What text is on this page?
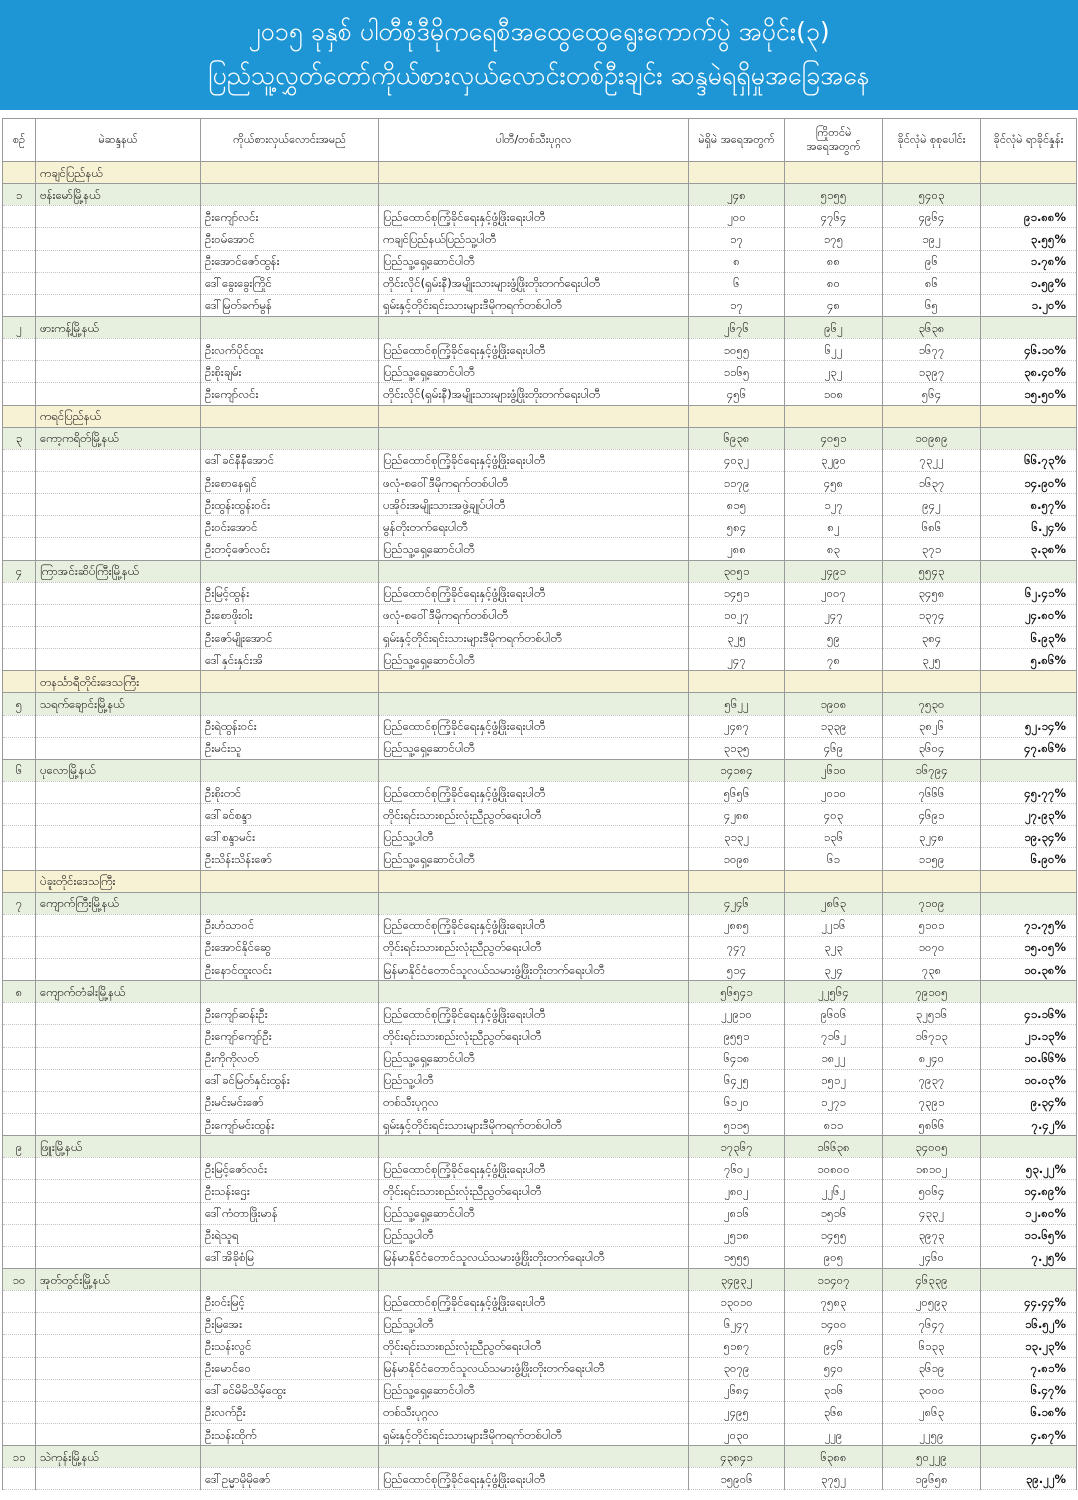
၂၀၁၅ ခုနှစ် ပါတီစုံဒီမိုကရေစီအထွေထွေရွေးကောက်ပွဲ အပိုင်း(၃)
ပြည်သူ့လွှတ်တော်ကိုယ်စားလှယ်လောင်းတစ်ဦးချင်း ဆန္ဒမဲရရှိမှုအခြေအနေ
စဉ်	မဲဆန္ဒနယ်	ကိုယ်စားလှယ်လောင်းအမည်	ပါတီ/တစ်သီးပုဂ္ဂလ	မဲရှိမဲ အရေအတွက်	ကြိုတင်မဲ အရေအတွက်	ခိုင်လုံမဲ စုစုပေါင်း	ခိုင်လုံမဲ ရာခိုင်နှုန်း
	ကချင်ပြည်နယ်						
၁	ဗန်းမော်မြို့နယ်			၂၄၈	၅၁၅၅	၅၄၀၃	
		ဦးကျော်လင်း	ပြည်ထောင်စုကြံ့ခိုင်ရေးနှင့်ဖွံ့ဖြိုးရေးပါတီ	၂၀၀	၄၇၆၄	၄၉၆၄	၉၁.၈၈%
		ဦးဝမ်အောင်	ကချင်ပြည်နယ်ပြည်သူ့ပါတီ	၁၇	၁၇၅	၁၉၂	၃.၅၅%
		ဦးအောင်ဇော်ထွန်း	ပြည်သူ့ရှေ့ဆောင်ပါတီ	၈	၈၈	၉၆	၁.၇၈%
		ဒေါ်ခွေးခွေးကြိုင်	တိုင်းလိုင်(ရှမ်းနီ)အမျိုးသားများဖွံ့ဖြိုးတိုးတက်ရေးပါတီ	၆	၈၀	၈၆	၁.၅၉%
		ဒေါ်မြတ်ခက်မွန်	ရှမ်းနှင့်တိုင်းရင်းသားများဒီမိုကရက်တစ်ပါတီ	၁၇	၄၈	၆၅	၁.၂၀%
၂	ဖားကန့်မြို့နယ်			၂၆၇၆	၉၆၂	၃၆၃၈	
		ဦးလက်ပိုင်ထူး	ပြည်ထောင်စုကြံ့ခိုင်ရေးနှင့်ဖွံ့ဖြိုးရေးပါတီ	၁၀၅၅	၆၂၂	၁၆၇၇	၄၆.၁၀%
		ဦးစိုးချမ်း	ပြည်သူ့ရှေ့ဆောင်ပါတီ	၁၁၆၅	၂၃၂	၁၃၉၇	၃၈.၄၀%
		ဦးကျော်လင်း	တိုင်းလိုင်(ရှမ်းနီ)အမျိုးသားများဖွံ့ဖြိုးတိုးတက်ရေးပါတီ	၄၅၆	၁၀၈	၅၆၄	၁၅.၅၀%
	ကရင်ပြည်နယ်						
၃	ကော့ကရိတ်မြို့နယ်			၆၉၃၈	၄၀၅၁	၁၀၉၈၉	
		ဒေါ်ခင်နီနီအောင်	ပြည်ထောင်စုကြံ့ခိုင်ရေးနှင့်ဖွံ့ဖြိုးရေးပါတီ	၄၀၃၂	၃၂၉၀	၇၃၂၂	၆၆.၇၃%
		ဦးစောနေရှင်	ဖလုံ-စဝေါ်ဒီမိုကရက်တစ်ပါတီ	၁၁၇၉	၄၅၈	၁၆၃၇	၁၄.၉၀%
		ဦးထွန်းထွန်းဝင်း	ပအိုဝ်းအမျိုးသားအဖွဲ့ချုပ်ပါတီ	၈၁၅	၁၂၇	၉၄၂	၈.၅၇%
		ဦးဝင်းအောင်	မွန်တိုးတက်ရေးပါတီ	၅၈၄	၈၂	၆၈၆	၆.၂၄%
		ဦးတင့်ဇော်လင်း	ပြည်သူ့ရှေ့ဆောင်ပါတီ	၂၈၈	၈၃	၃၇၁	၃.၃၈%
၄	ကြာအင်းဆိပ်ကြီးမြို့နယ်			၃၀၅၁	၂၄၉၁	၅၅၄၃	
		ဦးမြင့်ထွန်း	ပြည်ထောင်စုကြံ့ခိုင်ရေးနှင့်ဖွံ့ဖြိုးရေးပါတီ	၁၄၅၁	၂၀၀၇	၃၄၅၈	၆၂.၄၁%
		ဦးစောဖိုးဝါး	ဖလုံ-စဝေါ်ဒီမိုကရက်တစ်ပါတီ	၁၀၂၇	၂၄၇	၁၃၇၄	၂၄.၈၀%
		ဦးဇော်မျိုးအောင်	ရှမ်းနှင့်တိုင်းရင်းသားများဒီမိုကရက်တစ်ပါတီ	၃၂၅	၅၉	၃၈၄	၆.၉၃%
		ဒေါ်နှင်းနှင်းအိ	ပြည်သူ့ရှေ့ဆောင်ပါတီ	၂၄၇	၇၈	၃၂၅	၅.၈၆%
	တနင်္သာရီတိုင်းဒေသကြီး						
၅	သရက်ချောင်းမြို့နယ်			၅၆၂၂	၁၉၀၈	၇၅၃၀	
		ဦးရဲထွန်းဝင်း	ပြည်ထောင်စုကြံ့ခိုင်ရေးနှင့်ဖွံ့ဖြိုးရေးပါတီ	၂၄၈၇	၁၃၃၉	၃၈၂၆	၅၂.၁၄%
		ဦးမင်းသူ	ပြည်သူ့ရှေ့ဆောင်ပါတီ	၃၁၃၅	၄၆၉	၃၆၀၄	၄၇.၈၆%
၆	ပုလောမြို့နယ်			၁၄၁၈၄	၂၆၁၀	၁၆၇၉၄	
		ဦးစိုးတင်	ပြည်ထောင်စုကြံ့ခိုင်ရေးနှင့်ဖွံ့ဖြိုးရေးပါတီ	၅၆၅၆	၂၀၁၀	၇၆၆၆	၄၅.၇၇%
		ဒေါ်ခင်စန္ဒာ	တိုင်းရင်းသားစည်းလုံးညီညွတ်ရေးပါတီ	၄၂၈၈	၄၀၃	၄၆၉၁	၂၇.၉၃%
		ဒေါ်စန္ဒာမင်း	ပြည်သူ့ပါတီ	၃၁၃၂	၁၃၆	၃၂၄၈	၁၉.၃၄%
		ဦးသိန်းသိန်းဇော်	ပြည်သူ့ရှေ့ဆောင်ပါတီ	၁၀၉၈	၆၁	၁၁၅၉	၆.၉၀%
	ပဲခူးတိုင်းဒေသကြီး						
၇	ကျောက်ကြီးမြို့နယ်			၄၂၄၆	၂၈၆၃	၇၁၀၉	
		ဦးဟံသာဝင်	ပြည်ထောင်စုကြံ့ခိုင်ရေးနှင့်ဖွံ့ဖြိုးရေးပါတီ	၂၈၈၅	၂၂၁၆	၅၁၀၁	၇၁.၇၅%
		ဦးအောင်နိုင်ဆွေ	တိုင်းရင်းသားစည်းလုံးညီညွတ်ရေးပါတီ	၇၄၇	၃၂၃	၁၀၇၀	၁၅.၀၅%
		ဦးနောင်ထူးလင်း	မြန်မာနိုင်ငံတောင်သူလယ်သမားဖွံ့ဖြိုးတိုးတက်ရေးပါတီ	၅၁၄	၃၂၄	၇၃၈	၁၀.၃၈%
၈	ကျောက်တံခါးမြို့နယ်			၅၆၅၄၁	၂၂၅၆၄	၇၉၁၀၅	
		ဦးကျော်ဆန်းဦး	ပြည်ထောင်စုကြံ့ခိုင်ရေးနှင့်ဖွံ့ဖြိုးရေးပါတီ	၂၂၉၁၀	၉၆၀၆	၃၂၅၁၆	၄၁.၁၆%
		ဦးကျော်ကျော်ဦး	တိုင်းရင်းသားစည်းလုံးညီညွတ်ရေးပါတီ	၉၅၅၁	၇၁၆၂	၁၆၇၁၃	၂၁.၁၃%
		ဦးကိုကိုလတ်	ပြည်သူ့ရှေ့ဆောင်ပါတီ	၆၄၁၈	၁၈၂၂	၈၂၄၀	၁၀.၆၆%
		ဒေါ်ခင်မြတ်နှင်းထွန်း	ပြည်သူ့ပါတီ	၆၄၂၅	၁၅၁၂	၇၉၃၇	၁၀.၀၃%
		ဦးမင်းမင်းဇော်	တစ်သီးပုဂ္ဂလ	၆၁၂၀	၁၂၇၁	၇၃၉၁	၉.၃၄%
		ဦးကျော်မင်းထွန်း	ရှမ်းနှင့်တိုင်းရင်းသားများဒီမိုကရက်တစ်ပါတီ	၅၁၁၅	၈၁၁	၅၈၆၆	၇.၄၂%
၉	ဖြူးမြို့နယ်			၁၇၃၆၇	၁၆၆၃၈	၃၄၀၀၅	
		ဦးမြင့်ဇော်လင်း	ပြည်ထောင်စုကြံ့ခိုင်ရေးနှင့်ဖွံ့ဖြိုးရေးပါတီ	၇၆၀၂	၁၀၈၀၀	၁၈၁၀၂	၅၃.၂၂%
		ဦးသန်းဌေး	တိုင်းရင်းသားစည်းလုံးညီညွတ်ရေးပါတီ	၂၈၀၂	၂၂၆၂	၅၀၆၄	၁၄.၈၉%
		ဒေါ်ကံတာဖြိုးမာန်	ပြည်သူ့ရှေ့ဆောင်ပါတီ	၂၈၁၆	၁၅၁၆	၄၃၃၂	၁၂.၈၀%
		ဦးရဲသူရ	ပြည်သူ့ပါတီ	၂၅၁၈	၁၄၅၅	၃၉၇၃	၁၁.၆၅%
		ဒေါ်အိခိုစံမြ	မြန်မာနိုင်ငံတောင်သူလယ်သမားဖွံ့ဖြိုးတိုးတက်ရေးပါတီ	၁၅၅၅	၉၀၅	၂၄၆၀	၇.၂၅%
၁၀	အုတ်တွင်းမြို့နယ်			၃၄၉၃၂	၁၁၄၀၇	၄၆၃၃၉	
		ဦးဝင်းမြင့်	ပြည်ထောင်စုကြံ့ခိုင်ရေးနှင့်ဖွံ့ဖြိုးရေးပါတီ	၁၃၀၁၀	၇၅၈၃	၂၀၅၉၃	၄၄.၄၄%
		ဦးမြအေး	ပြည်သူ့ပါတီ	၆၂၄၇	၁၄၀၀	၇၆၄၇	၁၆.၅၂%
		ဦးသန်းလွင်	တိုင်းရင်းသားစည်းလုံးညီညွတ်ရေးပါတီ	၅၁၈၇	၉၄၆	၆၁၃၃	၁၃.၂၃%
		ဦးမောင်ဝေ	မြန်မာနိုင်ငံတောင်သူလယ်သမားဖွံ့ဖြိုးတိုးတက်ရေးပါတီ	၃၀၇၉	၅၄၀	၃၆၁၉	၇.၈၁%
		ဒေါ်ခင်မိမိသိမ့်ထွေး	ပြည်သူ့ရှေ့ဆောင်ပါတီ	၂၆၈၄	၃၁၆	၃၀၀၀	၆.၄၇%
		ဦးလက်ဦး	တစ်သီးပုဂ္ဂလ	၂၄၉၅	၃၆၈	၂၈၆၃	၆.၁၈%
		ဦးသန်းထိုက်	ရှမ်းနှင့်တိုင်းရင်းသားများဒီမိုကရက်တစ်ပါတီ	၂၀၃၀	၂၂၉	၂၂၅၉	၄.၈၇%
၁၁	သဲကုန်းမြို့နယ်			၄၃၈၄၁	၆၃၈၈	၅၀၂၂၉	
		ဒေါ်ဥမ္မာမိုမိုဇော်	ပြည်ထောင်စုကြံ့ခိုင်ရေးနှင့်ဖွံ့ဖြိုးရေးပါတီ	၁၅၉၀၆	၃၇၅၂	၁၉၆၅၈	၃၉.၂၂%
